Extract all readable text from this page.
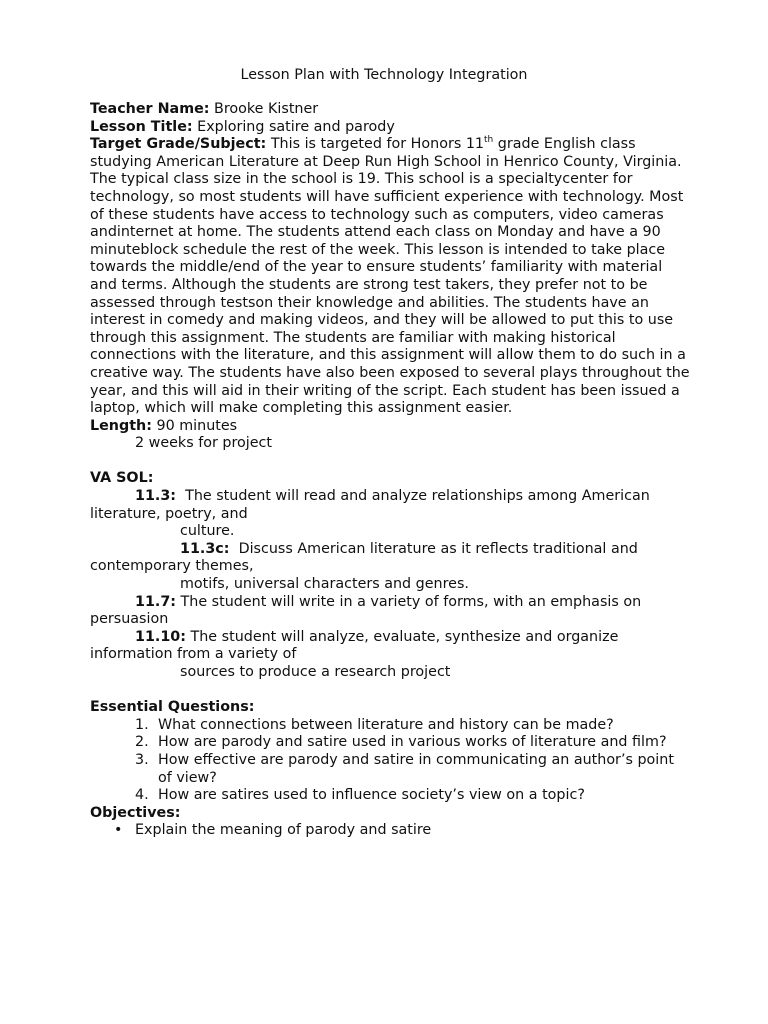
Lesson Plan with Technology Integration

Teacher Name: Brooke Kistner

Lesson Title: Exploring satire and parody

Target Grade/Subject: This is targeted for Honors 11th grade English class studying American Literature at Deep Run High School in Henrico County, Virginia. The typical class size in the school is 19. This school is a specialtycenter for technology, so most students will have sufficient experience with technology. Most of these students have access to technology such as computers, video cameras andinternet at home. The students attend each class on Monday and have a 90 minuteblock schedule the rest of the week. This lesson is intended to take place towards the middle/end of the year to ensure students’ familiarity with material and terms. Although the students are strong test takers, they prefer not to be assessed through testson their knowledge and abilities. The students have an interest in comedy and making videos, and they will be allowed to put this to use through this assignment. The students are familiar with making historical connections with the literature, and this assignment will allow them to do such in a creative way. The students have also been exposed to several plays throughout the year, and this will aid in their writing of the script. Each student has been issued a laptop, which will make completing this assignment easier.

Length: 90 minutes

2 weeks for project

VA SOL:

11.3: The student will read and analyze relationships among American literature, poetry, and

culture.

11.3c: Discuss American literature as it reflects traditional and contemporary themes,

motifs, universal characters and genres.

11.7: The student will write in a variety of forms, with an emphasis on persuasion

11.10: The student will analyze, evaluate, synthesize and organize information from a variety of

sources to produce a research project

Essential Questions:

1. What connections between literature and history can be made?
2. How are parody and satire used in various works of literature and film?
3. How effective are parody and satire in communicating an author’s point of view?
4. How are satires used to influence society’s view on a topic?

Objectives:

• Explain the meaning of parody and satire
